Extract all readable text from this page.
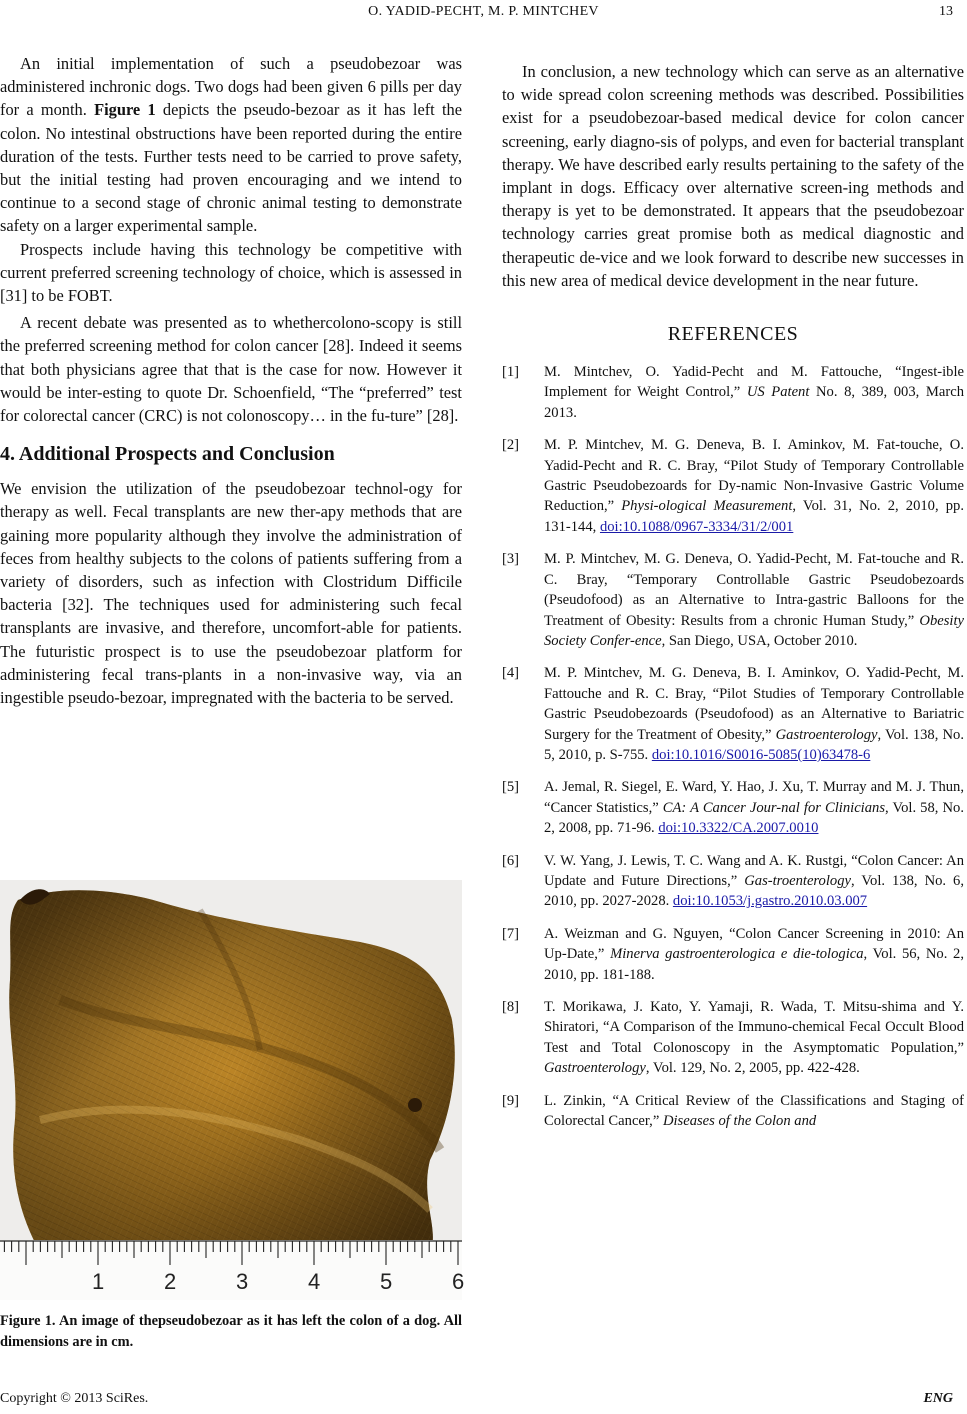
O. YADID-PECHT, M. P. MINTCHEV	13

An initial implementation of such a pseudobezoar was administered inchronic dogs. Two dogs had been given 6 pills per day for a month. Figure 1 depicts the pseudo-bezoar as it has left the colon. No intestinal obstructions have been reported during the entire duration of the tests. Further tests need to be carried to prove safety, but the initial testing had proven encouraging and we intend to continue to a second stage of chronic animal testing to demonstrate safety on a larger experimental sample.

Prospects include having this technology be competitive with current preferred screening technology of choice, which is assessed in [31] to be FOBT.

A recent debate was presented as to whethercolono-scopy is still the preferred screening method for colon cancer [28]. Indeed it seems that both physicians agree that that is the case for now. However it would be inter-esting to quote Dr. Schoenfield, “The “preferred” test for colorectal cancer (CRC) is not colonoscopy… in the fu-ture” [28].

4. Additional Prospects and Conclusion

We envision the utilization of the pseudobezoar technol-ogy for therapy as well. Fecal transplants are new ther-apy methods that are gaining more popularity although they involve the administration of feces from healthy subjects to the colons of patients suffering from a variety of disorders, such as infection with Clostridum Difficile bacteria [32]. The techniques used for administering such fecal transplants are invasive, and therefore, uncomfort-able for patients. The futuristic prospect is to use the pseudobezoar platform for administering fecal trans-plants in a non-invasive way, via an ingestible pseudo-bezoar, impregnated with the bacteria to be served.

1	2	3	4	5	6
Figure 1. An image of thepseudobezoar as it has left the colon of a dog. All dimensions are in cm.

In conclusion, a new technology which can serve as an alternative to wide spread colon screening methods was described. Possibilities exist for a pseudobezoar-based medical device for colon cancer screening, early diagno-sis of polyps, and even for bacterial transplant therapy. We have described early results pertaining to the safety of the implant in dogs. Efficacy over alternative screen-ing methods and therapy is yet to be demonstrated. It appears that the pseudobezoar technology carries great promise both as medical diagnostic and therapeutic de-vice and we look forward to describe new successes in this new area of medical device development in the near future.

REFERENCES
[1]	M. Mintchev, O. Yadid-Pecht and M. Fattouche, “Ingest-ible Implement for Weight Control,” US Patent No. 8, 389, 003, March 2013.
[2]	M. P. Mintchev, M. G. Deneva, B. I. Aminkov, M. Fat-touche, O. Yadid-Pecht and R. C. Bray, “Pilot Study of Temporary Controllable Gastric Pseudobezoards for Dy-namic Non-Invasive Gastric Volume Reduction,” Physi-ological Measurement, Vol. 31, No. 2, 2010, pp. 131-144, doi:10.1088/0967-3334/31/2/001
[3]	M. P. Mintchev, M. G. Deneva, O. Yadid-Pecht, M. Fat-touche and R. C. Bray, “Temporary Controllable Gastric Pseudobezoards (Pseudofood) as an Alternative to Intra-gastric Balloons for the Treatment of Obesity: Results from a chronic Human Study,” Obesity Society Confer-ence, San Diego, USA, October 2010.
[4]	M. P. Mintchev, M. G. Deneva, B. I. Aminkov, O. Yadid-Pecht, M. Fattouche and R. C. Bray, “Pilot Studies of Temporary Controllable Gastric Pseudobezoards (Pseudofood) as an Alternative to Bariatric Surgery for the Treatment of Obesity,” Gastroenterology, Vol. 138, No. 5, 2010, p. S-755. doi:10.1016/S0016-5085(10)63478-6
[5]	A. Jemal, R. Siegel, E. Ward, Y. Hao, J. Xu, T. Murray and M. J. Thun, “Cancer Statistics,” CA: A Cancer Jour-nal for Clinicians, Vol. 58, No. 2, 2008, pp. 71-96. doi:10.3322/CA.2007.0010
[6]	V. W. Yang, J. Lewis, T. C. Wang and A. K. Rustgi, “Colon Cancer: An Update and Future Directions,” Gas-troenterology, Vol. 138, No. 6, 2010, pp. 2027-2028. doi:10.1053/j.gastro.2010.03.007
[7]	A. Weizman and G. Nguyen, “Colon Cancer Screening in 2010: An Up-Date,” Minerva gastroenterologica e die-tologica, Vol. 56, No. 2, 2010, pp. 181-188.
[8]	T. Morikawa, J. Kato, Y. Yamaji, R. Wada, T. Mitsu-shima and Y. Shiratori, “A Comparison of the Immuno-chemical Fecal Occult Blood Test and Total Colonoscopy in the Asymptomatic Population,” Gastroenterology, Vol. 129, No. 2, 2005, pp. 422-428.
[9]	L. Zinkin, “A Critical Review of the Classifications and Staging of Colorectal Cancer,” Diseases of the Colon and
Copyright © 2013 SciRes.	ENG
